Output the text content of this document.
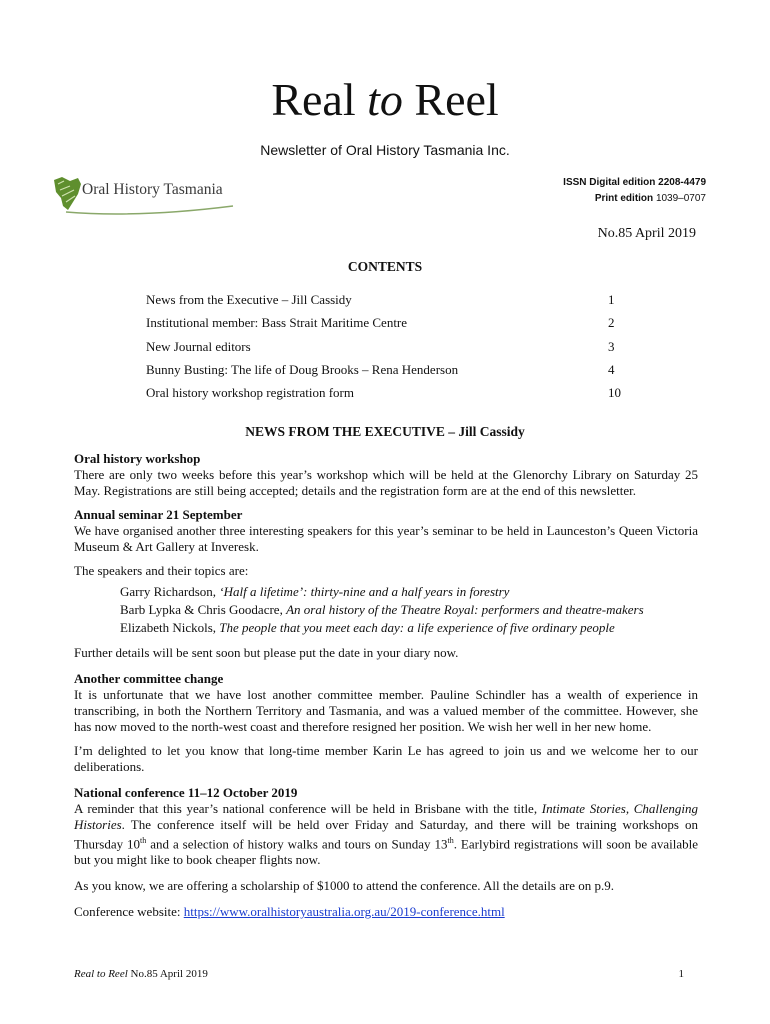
Real to Reel
Newsletter of Oral History Tasmania Inc.
Oral History Tasmania	ISSN Digital edition 2208-4479
Print edition 1039–0707
No.85 April 2019
CONTENTS
News from the Executive – Jill Cassidy	1
Institutional member: Bass Strait Maritime Centre	2
New Journal editors	3
Bunny Busting: The life of Doug Brooks – Rena Henderson	4
Oral history workshop registration form	10
NEWS FROM THE EXECUTIVE – Jill Cassidy
Oral history workshop

There are only two weeks before this year’s workshop which will be held at the Glenorchy Library on Saturday 25 May. Registrations are still being accepted; details and the registration form are at the end of this newsletter.

Annual seminar 21 September

We have organised another three interesting speakers for this year’s seminar to be held in Launceston’s Queen Victoria Museum & Art Gallery at Inveresk.

The speakers and their topics are:

Garry Richardson, ‘Half a lifetime’: thirty-nine and a half years in forestry
Barb Lypka & Chris Goodacre, An oral history of the Theatre Royal: performers and theatre-makers
Elizabeth Nickols, The people that you meet each day: a life experience of five ordinary people

Further details will be sent soon but please put the date in your diary now.

Another committee change

It is unfortunate that we have lost another committee member. Pauline Schindler has a wealth of experience in transcribing, in both the Northern Territory and Tasmania, and was a valued member of the committee. However, she has now moved to the north-west coast and therefore resigned her position. We wish her well in her new home.

I’m delighted to let you know that long-time member Karin Le has agreed to join us and we welcome her to our deliberations.

National conference 11–12 October 2019

A reminder that this year’s national conference will be held in Brisbane with the title, Intimate Stories, Challenging Histories. The conference itself will be held over Friday and Saturday, and there will be training workshops on Thursday 10th and a selection of history walks and tours on Sunday 13th. Earlybird registrations will soon be available but you might like to book cheaper flights now.

As you know, we are offering a scholarship of $1000 to attend the conference. All the details are on p.9.

Conference website: https://www.oralhistoryaustralia.org.au/2019-conference.html

Real to Reel No.85 April 2019	1
